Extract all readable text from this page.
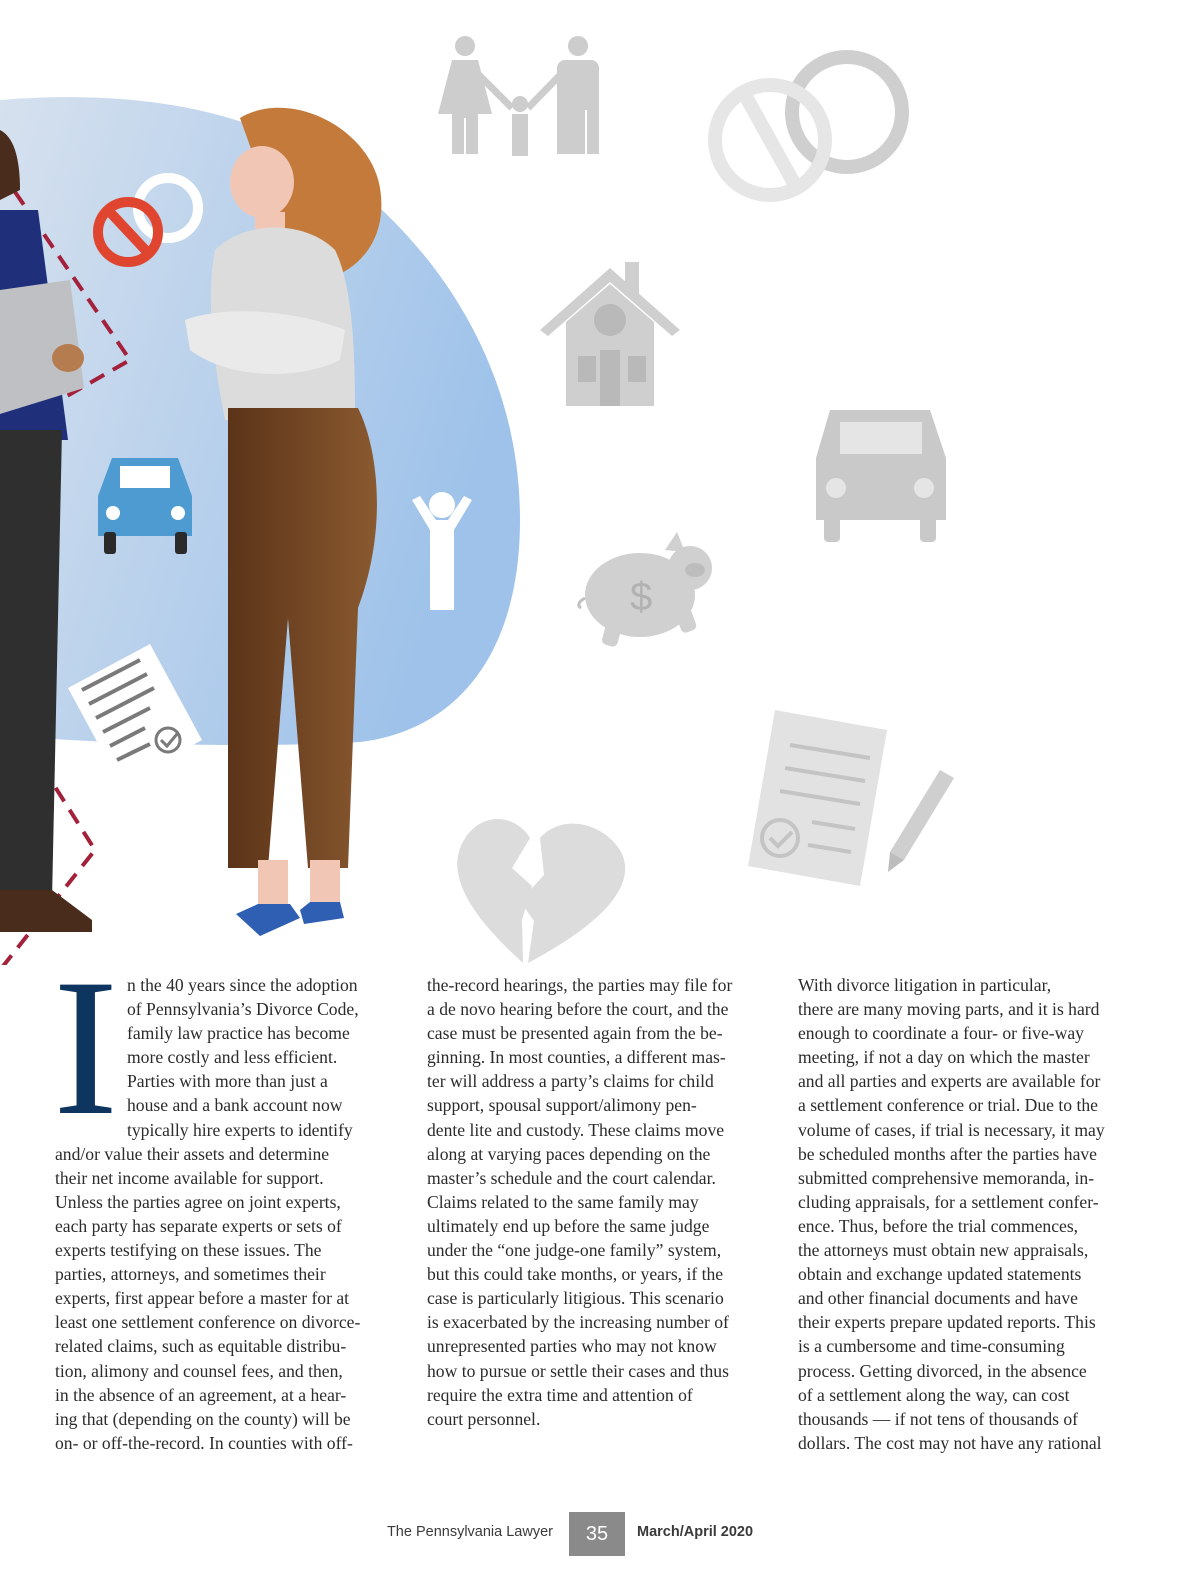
$
I n the 40 years since the adoption

of Pennsylvania’s Divorce Code,

family law practice has become

more costly and less efficient.

Parties with more than just a

house and a bank account now

typically hire experts to identify

and/or value their assets and determine

their net income available for support.

Unless the parties agree on joint experts,

each party has separate experts or sets of

experts testifying on these issues. The

parties, attorneys, and sometimes their

experts, first appear before a master for at

least one settlement conference on divorce-

related claims, such as equitable distribu-

tion, alimony and counsel fees, and then,

in the absence of an agreement, at a hear-

ing that (depending on the county) will be

on- or off-the-record. In counties with off-

the-record hearings, the parties may file for

a de novo hearing before the court, and the

case must be presented again from the be-

ginning. In most counties, a different mas-

ter will address a party’s claims for child

support, spousal support/alimony pen-

dente lite and custody. These claims move

along at varying paces depending on the

master’s schedule and the court calendar.

Claims related to the same family may

ultimately end up before the same judge

under the “one judge-one family” system,

but this could take months, or years, if the

case is particularly litigious. This scenario

is exacerbated by the increasing number of

unrepresented parties who may not know

how to pursue or settle their cases and thus

require the extra time and attention of

court personnel.

With divorce litigation in particular,

there are many moving parts, and it is hard

enough to coordinate a four- or five-way

meeting, if not a day on which the master

and all parties and experts are available for

a settlement conference or trial. Due to the

volume of cases, if trial is necessary, it may

be scheduled months after the parties have

submitted comprehensive memoranda, in-

cluding appraisals, for a settlement confer-

ence. Thus, before the trial commences,

the attorneys must obtain new appraisals,

obtain and exchange updated statements

and other financial documents and have

their experts prepare updated reports. This

is a cumbersome and time-consuming

process. Getting divorced, in the absence

of a settlement along the way, can cost

thousands — if not tens of thousands of

dollars. The cost may not have any rational

The Pennsylvania Lawyer	35	March/April 2020
